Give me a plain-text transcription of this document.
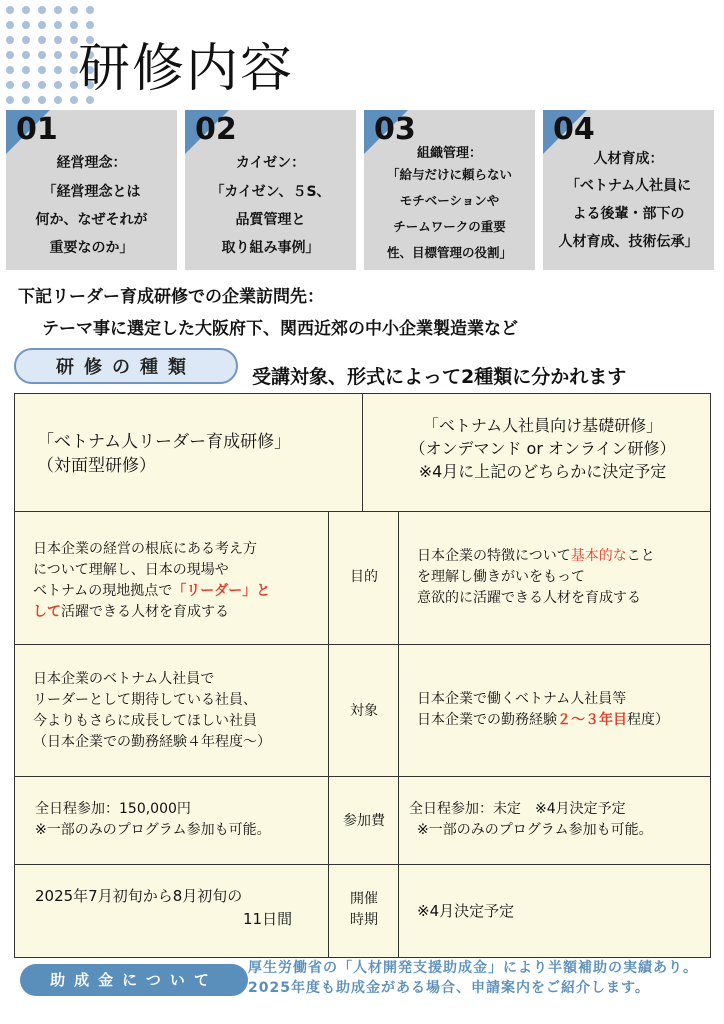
研修内容
01
経営理念：
「経営理念とは
何か、なぜそれが
重要なのか」
02
カイゼン：
「カイゼン、５S、
品質管理と
取り組み事例」
03
組織管理：
「給与だけに頼らない
モチベーションや
チームワークの重要
性、目標管理の役割」
04
人材育成：
「ベトナム人社員に
よる後輩・部下の
人材育成、技術伝承」
下記リーダー育成研修での企業訪問先：
テーマ事に選定した大阪府下、関西近郊の中小企業製造業など
研修の種類	受講対象、形式によって2種類に分かれます
「ベトナム人リーダー育成研修」
（対面型研修）
「ベトナム人社員向け基礎研修」
（オンデマンド or オンライン研修）
※4月に上記のどちらかに決定予定
日本企業の経営の根底にある考え方
について理解し、日本の現場や
ベトナムの現地拠点で「リーダー」と
して活躍できる人材を育成する
目的
日本企業の特徴について基本的なこと
を理解し働きがいをもって
意欲的に活躍できる人材を育成する
日本企業のベトナム人社員で
リーダーとして期待している社員、
今よりもさらに成長してほしい社員
（日本企業での勤務経験４年程度〜）
対象
日本企業で働くベトナム人社員等
日本企業での勤務経験２〜３年目程度）
全日程参加：150,000円
※一部のみのプログラム参加も可能。
参加費
全日程参加：未定　※4月決定予定
※一部のみのプログラム参加も可能。
2025年7月初旬から8月初旬の
11日間
開催
時期	※4月決定予定
助成金について
厚生労働省の「人材開発支援助成金」により半額補助の実績あり。2025年度も助成金がある場合、申請案内をご紹介します。
